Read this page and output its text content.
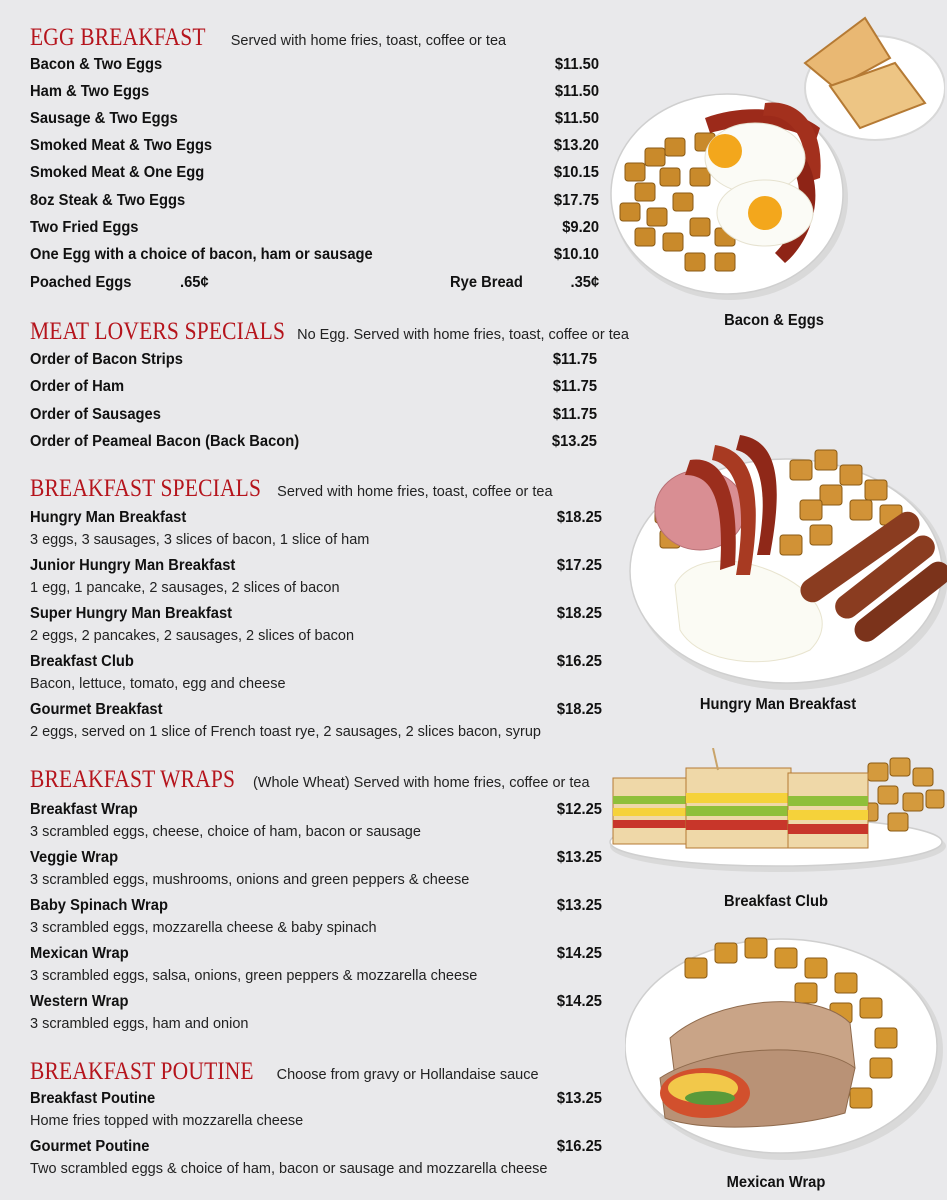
EGG BREAKFAST Served with home fries, toast, coffee or tea
Bacon & Two Eggs	$11.50
Ham & Two Eggs	$11.50
Sausage & Two Eggs	$11.50
Smoked Meat & Two Eggs	$13.20
Smoked Meat & One Egg	$10.15
8oz Steak & Two Eggs	$17.75
Two Fried Eggs	$9.20
One Egg with a choice of bacon, ham or sausage	$10.10
Poached Eggs	.65¢	Rye Bread	.35¢
MEAT LOVERS SPECIALS No Egg. Served with home fries, toast, coffee or tea
Order of Bacon Strips	$11.75
Order of Ham	$11.75
Order of Sausages	$11.75
Order of Peameal Bacon (Back Bacon)	$13.25
BREAKFAST SPECIALS Served with home fries, toast, coffee or tea
Hungry Man Breakfast	$18.25
3 eggs, 3 sausages, 3 slices of bacon, 1 slice of ham
Junior Hungry Man Breakfast	$17.25
1 egg, 1 pancake, 2 sausages, 2 slices of bacon
Super Hungry Man Breakfast	$18.25
2 eggs, 2 pancakes, 2 sausages, 2 slices of bacon
Breakfast Club	$16.25
Bacon, lettuce, tomato, egg and cheese
Gourmet Breakfast	$18.25
2 eggs, served on 1 slice of French toast rye, 2 sausages, 2 slices bacon, syrup
BREAKFAST WRAPS (Whole Wheat) Served with home fries, coffee or tea
Breakfast Wrap	$12.25
3 scrambled eggs, cheese, choice of ham, bacon or sausage
Veggie Wrap	$13.25
3 scrambled eggs, mushrooms, onions and green peppers & cheese
Baby Spinach Wrap	$13.25
3 scrambled eggs, mozzarella cheese & baby spinach
Mexican Wrap	$14.25
3 scrambled eggs, salsa, onions, green peppers & mozzarella cheese
Western Wrap	$14.25
3 scrambled eggs, ham and onion
BREAKFAST POUTINE Choose from gravy or Hollandaise sauce
Breakfast Poutine	$13.25
Home fries topped with mozzarella cheese
Gourmet Poutine	$16.25
Two scrambled eggs & choice of ham, bacon or sausage and mozzarella cheese
Bacon & Eggs
Hungry Man Breakfast
Breakfast Club
Mexican Wrap
